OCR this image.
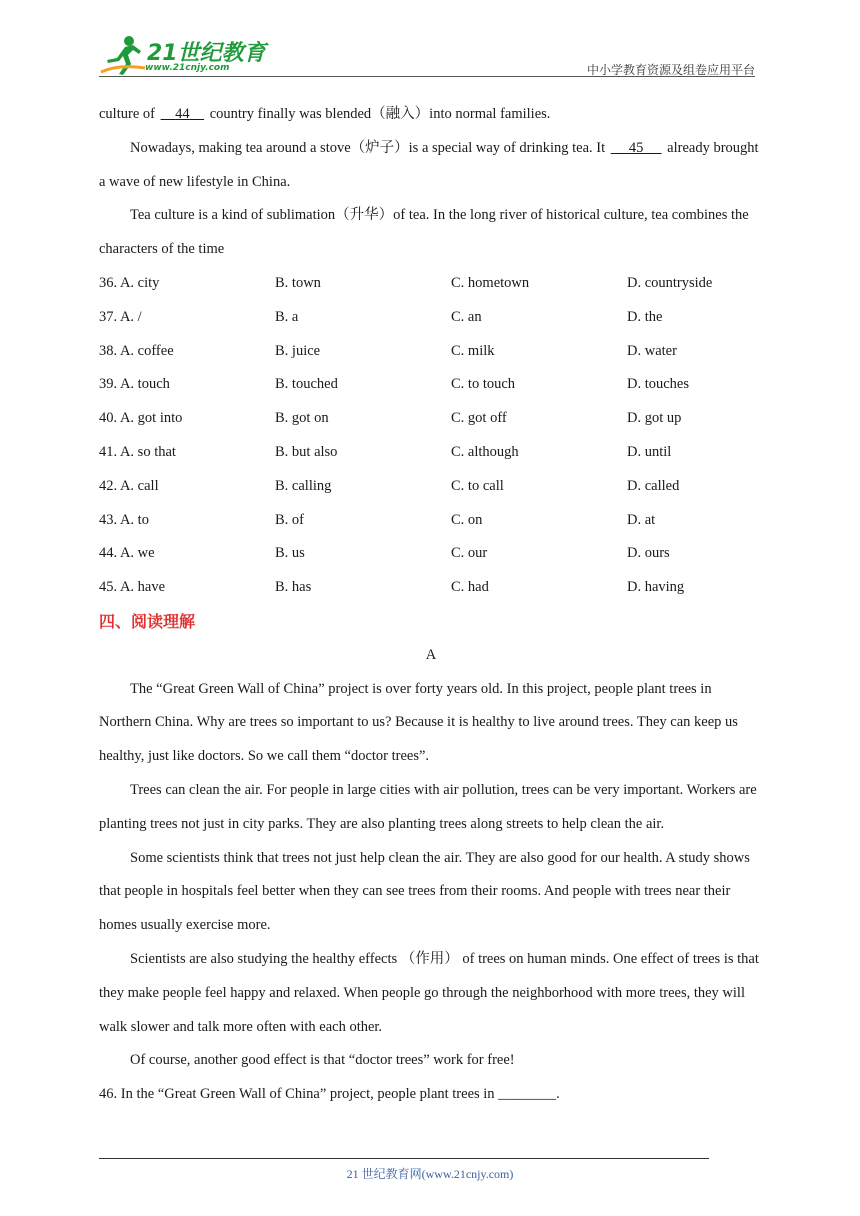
21世纪教育
www.21cnjy.com	中小学教育资源及组卷应用平台

culture of     44     country finally was blended（融入）into normal families.

Nowadays, making tea around a stove（炉子）is a special way of drinking tea. It      45      already brought a wave of new lifestyle in China.

Tea culture is a kind of sublimation（升华）of tea. In the long river of historical culture, tea combines the characters of the time

36. A. city	B. town	C. hometown	D. countryside
37. A. /	B. a	C. an	D. the
38. A. coffee	B. juice	C. milk	D. water
39. A. touch	B. touched	C. to touch	D. touches
40. A. got into	B. got on	C. got off	D. got up
41. A. so that	B. but also	C. although	D. until
42. A. call	B. calling	C. to call	D. called
43. A. to	B. of	C. on	D. at
44. A. we	B. us	C. our	D. ours
45. A. have	B. has	C. had	D. having
四、阅读理解

A

The “Great Green Wall of China” project is over forty years old. In this project, people plant trees in Northern China. Why are trees so important to us? Because it is healthy to live around trees. They can keep us healthy, just like doctors. So we call them “doctor trees”.

Trees can clean the air. For people in large cities with air pollution, trees can be very important. Workers are planting trees not just in city parks. They are also planting trees along streets to help clean the air.

Some scientists think that trees not just help clean the air. They are also good for our health. A study shows that people in hospitals feel better when they can see trees from their rooms. And people with trees near their homes usually exercise more.

Scientists are also studying the healthy effects （作用） of trees on human minds. One effect of trees is that they make people feel happy and relaxed. When people go through the neighborhood with more trees, they will walk slower and talk more often with each other.

Of course, another good effect is that “doctor trees” work for free!

46. In the “Great Green Wall of China” project, people plant trees in ________.

21 世纪教育网(www.21cnjy.com)
